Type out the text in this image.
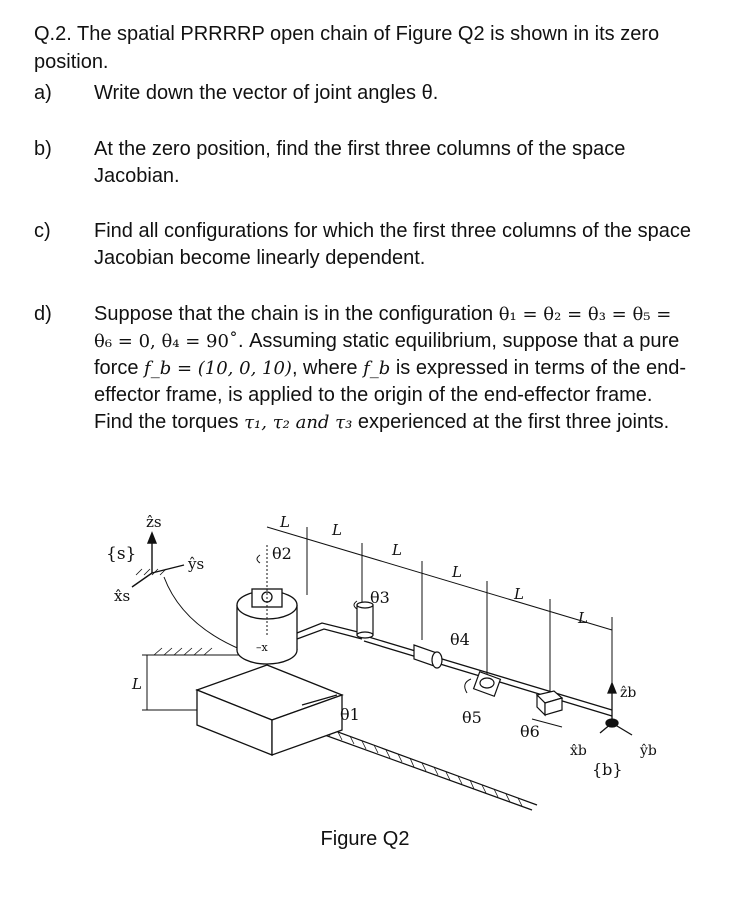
Q.2. The spatial PRRRRP open chain of Figure Q2 is shown in its zero position.
a) Write down the vector of joint angles θ.
b) At the zero position, find the first three columns of the space Jacobian.
c) Find all configurations for which the first three columns of the space Jacobian become linearly dependent.
d) Suppose that the chain is in the configuration θ₁ = θ₂ = θ₃ = θ₅ = θ₆ = 0, θ₄ = 90˚. Assuming static equilibrium, suppose that a pure force f_b = (10, 0, 10), where f_b is expressed in terms of the end-effector frame, is applied to the origin of the end-effector frame. Find the torques τ₁, τ₂ and τ₃ experienced at the first three joints.
L
ẑs
ŷs
x̂s
{s}
–x
θ2
L	L
L
L
L
L
θ3
θ4
θ5
θ6
θ1
ẑb
x̂b	ŷb
{b}
Figure Q2
